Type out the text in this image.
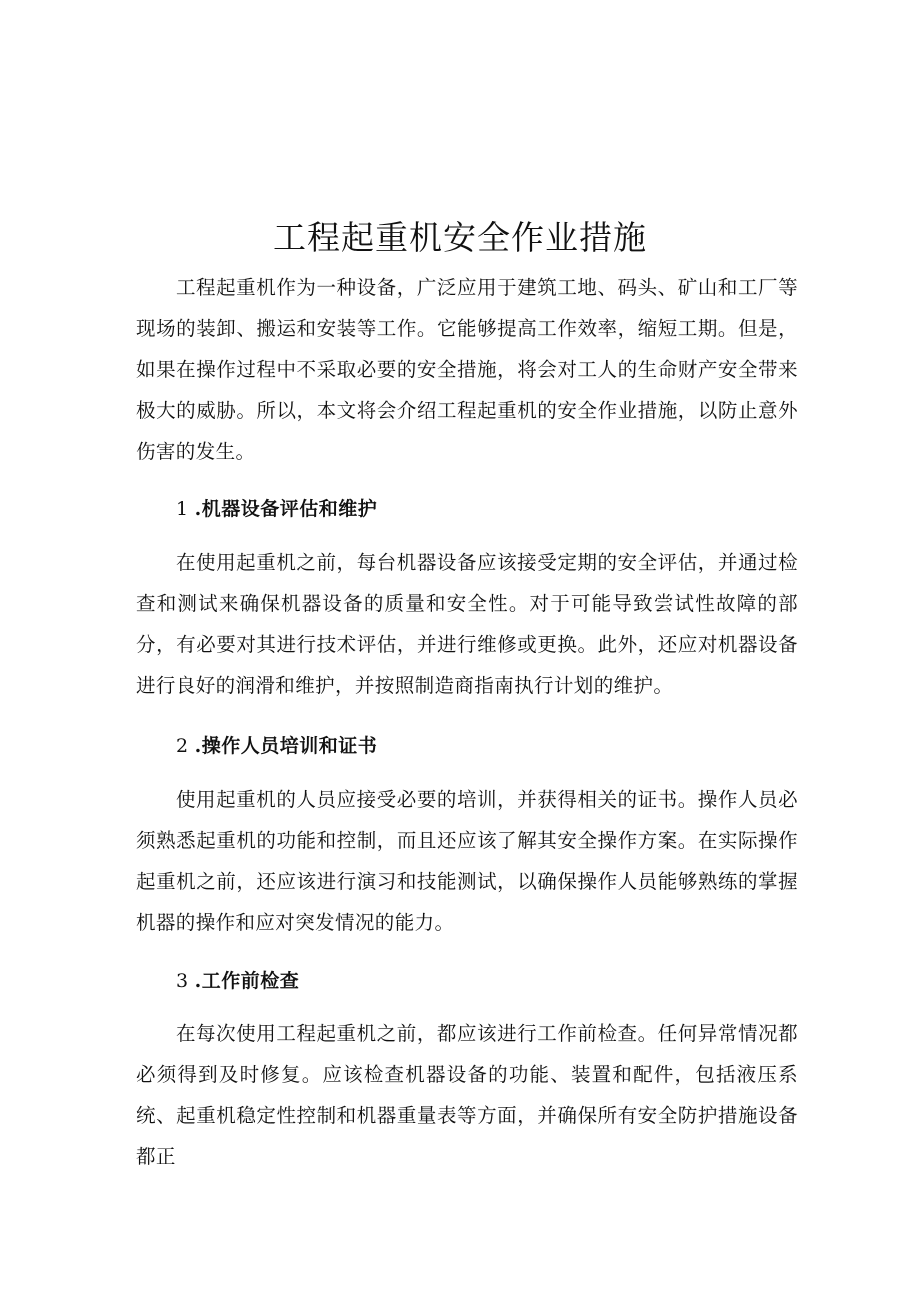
工程起重机安全作业措施

工程起重机作为一种设备，广泛应用于建筑工地、码头、矿山和工厂等现场的装卸、搬运和安装等工作。它能够提高工作效率，缩短工期。但是，如果在操作过程中不采取必要的安全措施，将会对工人的生命财产安全带来极大的威胁。所以，本文将会介绍工程起重机的安全作业措施，以防止意外伤害的发生。

1 .机器设备评估和维护

在使用起重机之前，每台机器设备应该接受定期的安全评估，并通过检查和测试来确保机器设备的质量和安全性。对于可能导致尝试性故障的部分，有必要对其进行技术评估，并进行维修或更换。此外，还应对机器设备进行良好的润滑和维护，并按照制造商指南执行计划的维护。

2 .操作人员培训和证书

使用起重机的人员应接受必要的培训，并获得相关的证书。操作人员必须熟悉起重机的功能和控制，而且还应该了解其安全操作方案。在实际操作起重机之前，还应该进行演习和技能测试，以确保操作人员能够熟练的掌握机器的操作和应对突发情况的能力。

3 .工作前检查

在每次使用工程起重机之前，都应该进行工作前检查。任何异常情况都必须得到及时修复。应该检查机器设备的功能、装置和配件，包括液压系统、起重机稳定性控制和机器重量表等方面，并确保所有安全防护措施设备都正
